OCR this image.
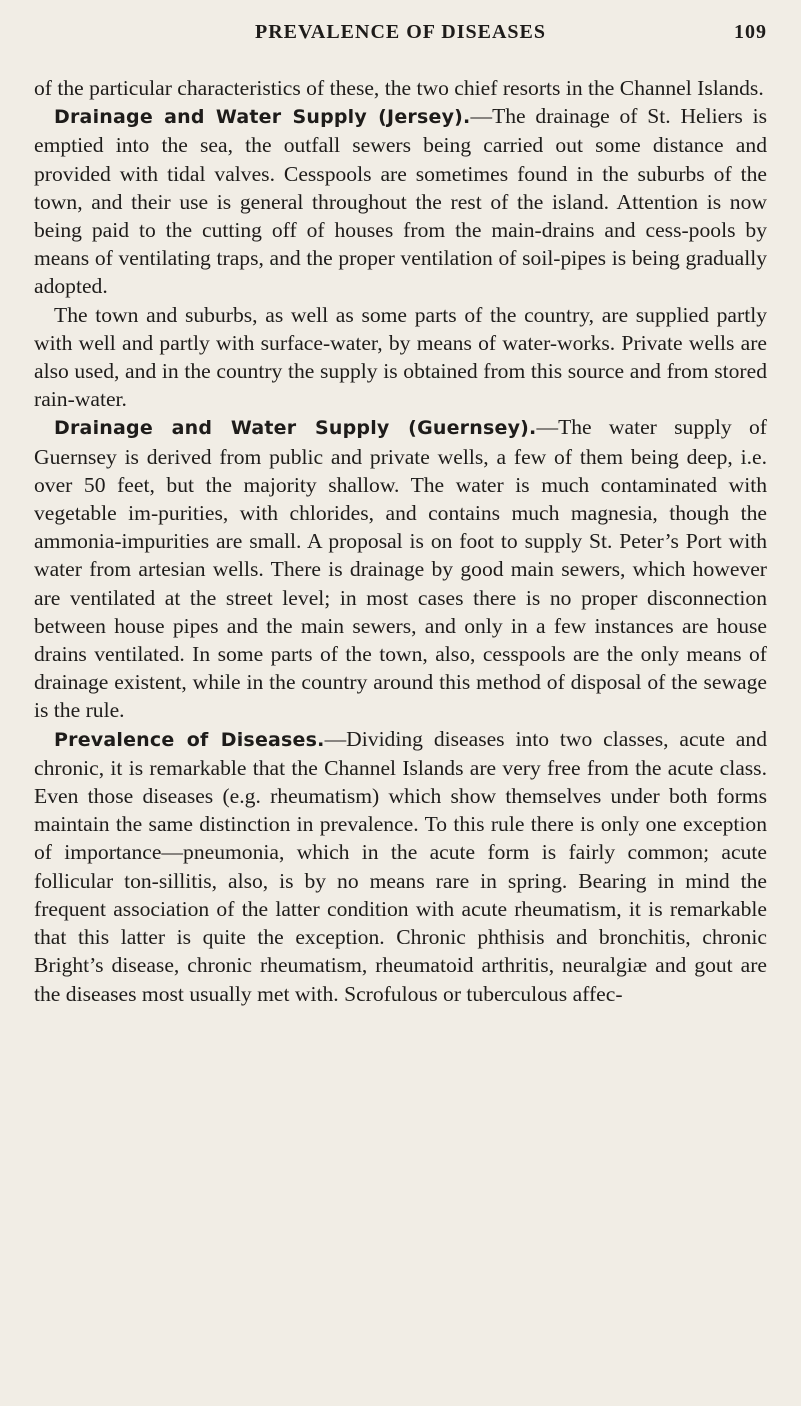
PREVALENCE OF DISEASES	109

of the particular characteristics of these, the two chief resorts in the Channel Islands.

Drainage and Water Supply (Jersey).—The drainage of St. Heliers is emptied into the sea, the outfall sewers being carried out some distance and provided with tidal valves. Cesspools are sometimes found in the suburbs of the town, and their use is general throughout the rest of the island. Attention is now being paid to the cutting off of houses from the main-drains and cess-pools by means of ventilating traps, and the proper ventilation of soil-pipes is being gradually adopted.

The town and suburbs, as well as some parts of the country, are supplied partly with well and partly with surface-water, by means of water-works. Private wells are also used, and in the country the supply is obtained from this source and from stored rain-water.

Drainage and Water Supply (Guernsey).—The water supply of Guernsey is derived from public and private wells, a few of them being deep, i.e. over 50 feet, but the majority shallow. The water is much contaminated with vegetable im-purities, with chlorides, and contains much magnesia, though the ammonia-impurities are small. A proposal is on foot to supply St. Peter’s Port with water from artesian wells. There is drainage by good main sewers, which however are ventilated at the street level; in most cases there is no proper disconnection between house pipes and the main sewers, and only in a few instances are house drains ventilated. In some parts of the town, also, cesspools are the only means of drainage existent, while in the country around this method of disposal of the sewage is the rule.

Prevalence of Diseases.—Dividing diseases into two classes, acute and chronic, it is remarkable that the Channel Islands are very free from the acute class. Even those diseases (e.g. rheumatism) which show themselves under both forms maintain the same distinction in prevalence. To this rule there is only one exception of importance—pneumonia, which in the acute form is fairly common; acute follicular ton-sillitis, also, is by no means rare in spring. Bearing in mind the frequent association of the latter condition with acute rheumatism, it is remarkable that this latter is quite the exception. Chronic phthisis and bronchitis, chronic Bright’s disease, chronic rheumatism, rheumatoid arthritis, neuralgiæ and gout are the diseases most usually met with. Scrofulous or tuberculous affec-
